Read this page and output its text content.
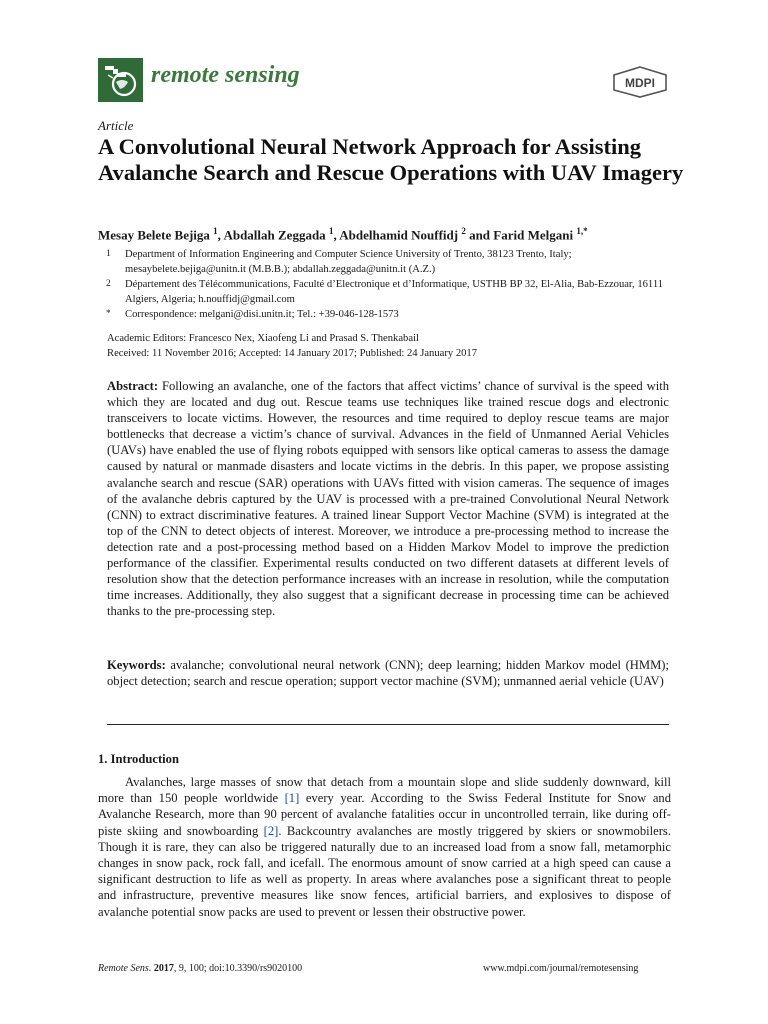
remote sensing	MDPI
Article
A Convolutional Neural Network Approach for Assisting Avalanche Search and Rescue Operations with UAV Imagery
Mesay Belete Bejiga $^1$, Abdallah Zeggada $^1$, Abdelhamid Nouffidj $^2$ and Farid Melgani $^{1,*}$
1 Department of Information Engineering and Computer Science University of Trento, 38123 Trento, Italy; mesaybelete.bejiga@unitn.it (M.B.B.); abdallah.zeggada@unitn.it (A.Z.)
2 Département des Télécommunications, Faculté d’Electronique et d’Informatique, USTHB BP 32, El-Alia, Bab-Ezzouar, 16111 Algiers, Algeria; h.nouffidj@gmail.com
* Correspondence: melgani@disi.unitn.it; Tel.: +39-046-128-1573
Academic Editors: Francesco Nex, Xiaofeng Li and Prasad S. Thenkabail
Received: 11 November 2016; Accepted: 14 January 2017; Published: 24 January 2017
Abstract: Following an avalanche, one of the factors that affect victims’ chance of survival is the speed with which they are located and dug out. Rescue teams use techniques like trained rescue dogs and electronic transceivers to locate victims. However, the resources and time required to deploy rescue teams are major bottlenecks that decrease a victim’s chance of survival. Advances in the field of Unmanned Aerial Vehicles (UAVs) have enabled the use of flying robots equipped with sensors like optical cameras to assess the damage caused by natural or manmade disasters and locate victims in the debris. In this paper, we propose assisting avalanche search and rescue (SAR) operations with UAVs fitted with vision cameras. The sequence of images of the avalanche debris captured by the UAV is processed with a pre-trained Convolutional Neural Network (CNN) to extract discriminative features. A trained linear Support Vector Machine (SVM) is integrated at the top of the CNN to detect objects of interest. Moreover, we introduce a pre-processing method to increase the detection rate and a post-processing method based on a Hidden Markov Model to improve the prediction performance of the classifier. Experimental results conducted on two different datasets at different levels of resolution show that the detection performance increases with an increase in resolution, while the computation time increases. Additionally, they also suggest that a significant decrease in processing time can be achieved thanks to the pre-processing step.
Keywords: avalanche; convolutional neural network (CNN); deep learning; hidden Markov model (HMM); object detection; search and rescue operation; support vector machine (SVM); unmanned aerial vehicle (UAV)
1. Introduction
Avalanches, large masses of snow that detach from a mountain slope and slide suddenly downward, kill more than 150 people worldwide [1] every year. According to the Swiss Federal Institute for Snow and Avalanche Research, more than 90 percent of avalanche fatalities occur in uncontrolled terrain, like during off-piste skiing and snowboarding [2]. Backcountry avalanches are mostly triggered by skiers or snowmobilers. Though it is rare, they can also be triggered naturally due to an increased load from a snow fall, metamorphic changes in snow pack, rock fall, and icefall. The enormous amount of snow carried at a high speed can cause a significant destruction to life as well as property. In areas where avalanches pose a significant threat to people and infrastructure, preventive measures like snow fences, artificial barriers, and explosives to dispose of avalanche potential snow packs are used to prevent or lessen their obstructive power.
Remote Sens. 2017, 9, 100; doi:10.3390/rs9020100	www.mdpi.com/journal/remotesensing
